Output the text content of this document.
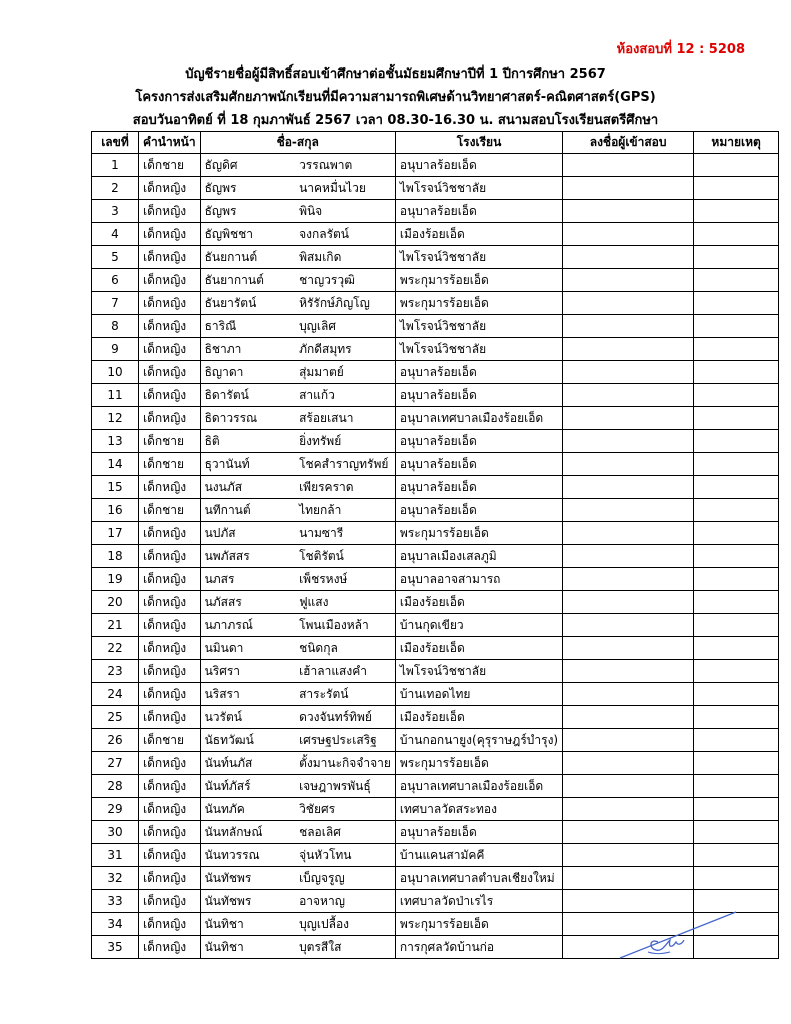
ห้องสอบที่ 12 : 5208
บัญชีรายชื่อผู้มีสิทธิ์สอบเข้าศึกษาต่อชั้นมัธยมศึกษาปีที่ 1 ปีการศึกษา 2567
โครงการส่งเสริมศักยภาพนักเรียนที่มีความสามารถพิเศษด้านวิทยาศาสตร์-คณิตศาสตร์(GPS)
สอบวันอาทิตย์ ที่ 18 กุมภาพันธ์ 2567 เวลา 08.30-16.30 น. สนามสอบโรงเรียนสตรีศึกษา
เลขที่	คำนำหน้า	ชื่อ-สกุล		โรงเรียน	ลงชื่อผู้เข้าสอบ	หมายเหตุ
1	เด็กชาย	ธัญดิศ	วรรณพาต	อนุบาลร้อยเอ็ด		
2	เด็กหญิง	ธัญพร	นาคหมื่นไวย	ไพโรจน์วิชชาลัย		
3	เด็กหญิง	ธัญพร	พินิจ	อนุบาลร้อยเอ็ด		
4	เด็กหญิง	ธัญพิชชา	จงกลรัตน์	เมืองร้อยเอ็ด		
5	เด็กหญิง	ธันยกานต์	พิสมเกิด	ไพโรจน์วิชชาลัย		
6	เด็กหญิง	ธันยากานต์	ชาญวรวุฒิ	พระกุมารร้อยเอ็ด		
7	เด็กหญิง	ธันยารัตน์	หิรัรักษ์ภิญโญ	พระกุมารร้อยเอ็ด		
8	เด็กหญิง	ธาริณี	บุญเลิศ	ไพโรจน์วิชชาลัย		
9	เด็กหญิง	ธิชาภา	ภักดีสมุทร	ไพโรจน์วิชชาลัย		
10	เด็กหญิง	ธิญาดา	สุ่มมาตย์	อนุบาลร้อยเอ็ด		
11	เด็กหญิง	ธิดารัตน์	สาแก้ว	อนุบาลร้อยเอ็ด		
12	เด็กหญิง	ธิดาวรรณ	สร้อยเสนา	อนุบาลเทศบาลเมืองร้อยเอ็ด		
13	เด็กชาย	ธิติ	ยิ่งทรัพย์	อนุบาลร้อยเอ็ด		
14	เด็กชาย	ธุวานันท์	โชคสำราญทรัพย์	อนุบาลร้อยเอ็ด		
15	เด็กหญิง	นงนภัส	เพียรคราด	อนุบาลร้อยเอ็ด		
16	เด็กชาย	นทีกานต์	ไทยกล้า	อนุบาลร้อยเอ็ด		
17	เด็กหญิง	นปภัส	นามซารี	พระกุมารร้อยเอ็ด		
18	เด็กหญิง	นพภัสสร	โชติรัตน์	อนุบาลเมืองเสลภูมิ		
19	เด็กหญิง	นภสร	เพ็ชรหงษ์	อนุบาลอาจสามารถ		
20	เด็กหญิง	นภัสสร	ฟูแสง	เมืองร้อยเอ็ด		
21	เด็กหญิง	นภาภรณ์	โพนเมืองหล้า	บ้านกุดเขียว		
22	เด็กหญิง	นมินดา	ชนิดกุล	เมืองร้อยเอ็ด		
23	เด็กหญิง	นริศรา	เฮ้าลาแสงคำ	ไพโรจน์วิชชาลัย		
24	เด็กหญิง	นริสรา	สาระรัตน์	บ้านเทอดไทย		
25	เด็กหญิง	นวรัตน์	ดวงจันทร์ทิพย์	เมืองร้อยเอ็ด		
26	เด็กชาย	นัธทวัฒน์	เศรษฐประเสริฐ	บ้านกอกนายูง(คุรุราษฎร์บำรุง)		
27	เด็กหญิง	นันท์นภัส	ตั้งมานะกิจจำจาย	พระกุมารร้อยเอ็ด		
28	เด็กหญิง	นันท์ภัสร์	เจษฎาพรพันธุ์	อนุบาลเทศบาลเมืองร้อยเอ็ด		
29	เด็กหญิง	นันทภัค	วิชัยศร	เทศบาลวัดสระทอง		
30	เด็กหญิง	นันทลักษณ์	ชลอเลิศ	อนุบาลร้อยเอ็ด		
31	เด็กหญิง	นันทวรรณ	จุ่นหัวโทน	บ้านแคนสามัคคี		
32	เด็กหญิง	นันทัชพร	เบ็ญจรูญ	อนุบาลเทศบาลตำบลเชียงใหม่		
33	เด็กหญิง	นันทัชพร	อาจหาญ	เทศบาลวัดป่าเรไร		
34	เด็กหญิง	นันทิชา	บุญเปลื้อง	พระกุมารร้อยเอ็ด		
35	เด็กหญิง	นันทิชา	บุตรสีใส	การกุศลวัดบ้านก่อ		
